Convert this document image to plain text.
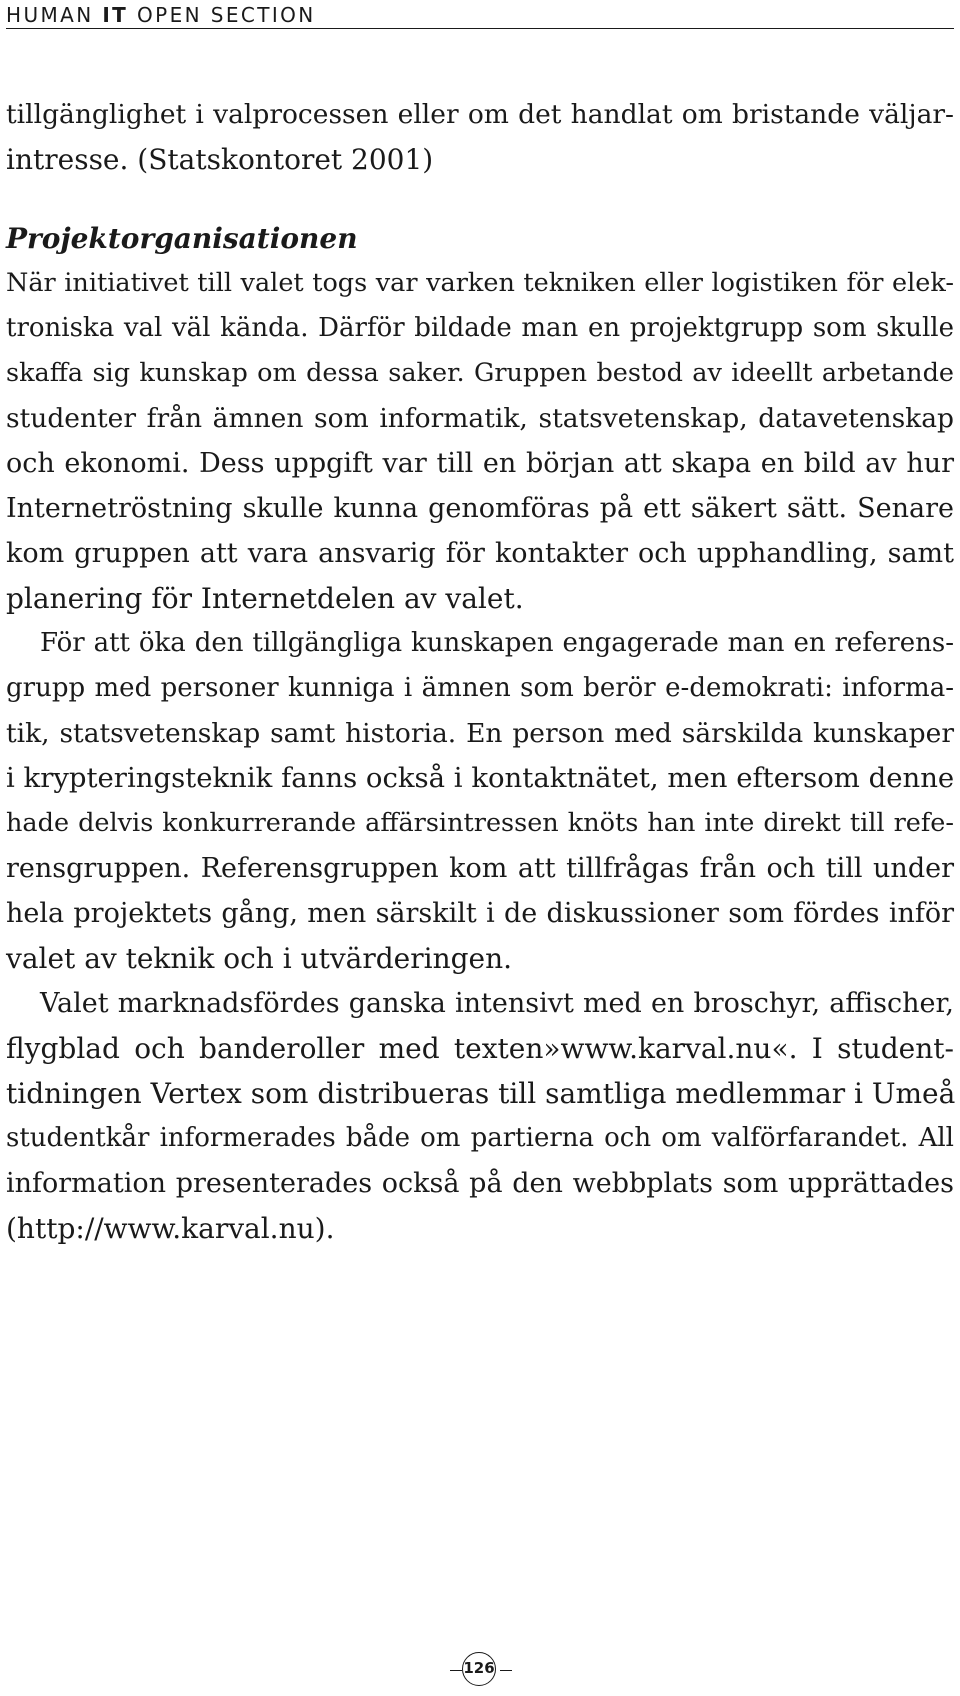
HUMAN IT OPEN SECTION
tillgänglighet i valprocessen eller om det handlat om bristande väljar-
intresse. (Statskontoret 2001)
Projektorganisationen
När initiativet till valet togs var varken tekniken eller logistiken för elek-
troniska val väl kända. Därför bildade man en projektgrupp som skulle
skaffa sig kunskap om dessa saker. Gruppen bestod av ideellt arbetande
studenter från ämnen som informatik, statsvetenskap, datavetenskap
och ekonomi. Dess uppgift var till en början att skapa en bild av hur
Internetröstning skulle kunna genomföras på ett säkert sätt. Senare
kom gruppen att vara ansvarig för kontakter och upphandling, samt
planering för Internetdelen av valet.
För att öka den tillgängliga kunskapen engagerade man en referens-
grupp med personer kunniga i ämnen som berör e-demokrati: informa-
tik, statsvetenskap samt historia. En person med särskilda kunskaper
i krypteringsteknik fanns också i kontaktnätet, men eftersom denne
hade delvis konkurrerande affärsintressen knöts han inte direkt till refe-
rensgruppen. Referensgruppen kom att tillfrågas från och till under
hela projektets gång, men särskilt i de diskussioner som fördes inför
valet av teknik och i utvärderingen.
Valet marknadsfördes ganska intensivt med en broschyr, affischer,
flygblad och banderoller med texten»www.karval.nu«. I student-
tidningen Vertex som distribueras till samtliga medlemmar i Umeå
studentkår informerades både om partierna och om valförfarandet. All
information presenterades också på den webbplats som upprättades
(http://www.karval.nu).
126
